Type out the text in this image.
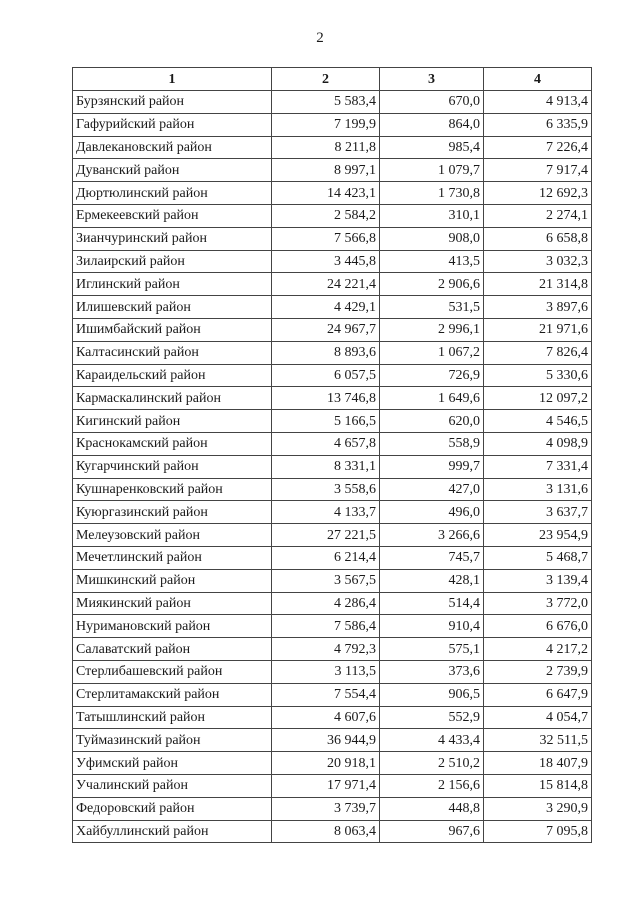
2
1	2	3	4
Бурзянский район	5 583,4	670,0	4 913,4
Гафурийский район	7 199,9	864,0	6 335,9
Давлекановский район	8 211,8	985,4	7 226,4
Дуванский район	8 997,1	1 079,7	7 917,4
Дюртюлинский район	14 423,1	1 730,8	12 692,3
Ермекеевский район	2 584,2	310,1	2 274,1
Зианчуринский район	7 566,8	908,0	6 658,8
Зилаирский район	3 445,8	413,5	3 032,3
Иглинский район	24 221,4	2 906,6	21 314,8
Илишевский район	4 429,1	531,5	3 897,6
Ишимбайский район	24 967,7	2 996,1	21 971,6
Калтасинский район	8 893,6	1 067,2	7 826,4
Караидельский район	6 057,5	726,9	5 330,6
Кармаскалинский район	13 746,8	1 649,6	12 097,2
Кигинский район	5 166,5	620,0	4 546,5
Краснокамский район	4 657,8	558,9	4 098,9
Кугарчинский район	8 331,1	999,7	7 331,4
Кушнаренковский район	3 558,6	427,0	3 131,6
Куюргазинский район	4 133,7	496,0	3 637,7
Мелеузовский район	27 221,5	3 266,6	23 954,9
Мечетлинский район	6 214,4	745,7	5 468,7
Мишкинский район	3 567,5	428,1	3 139,4
Миякинский район	4 286,4	514,4	3 772,0
Нуримановский район	7 586,4	910,4	6 676,0
Салаватский район	4 792,3	575,1	4 217,2
Стерлибашевский район	3 113,5	373,6	2 739,9
Стерлитамакский район	7 554,4	906,5	6 647,9
Татышлинский район	4 607,6	552,9	4 054,7
Туймазинский район	36 944,9	4 433,4	32 511,5
Уфимский район	20 918,1	2 510,2	18 407,9
Учалинский район	17 971,4	2 156,6	15 814,8
Федоровский район	3 739,7	448,8	3 290,9
Хайбуллинский район	8 063,4	967,6	7 095,8
